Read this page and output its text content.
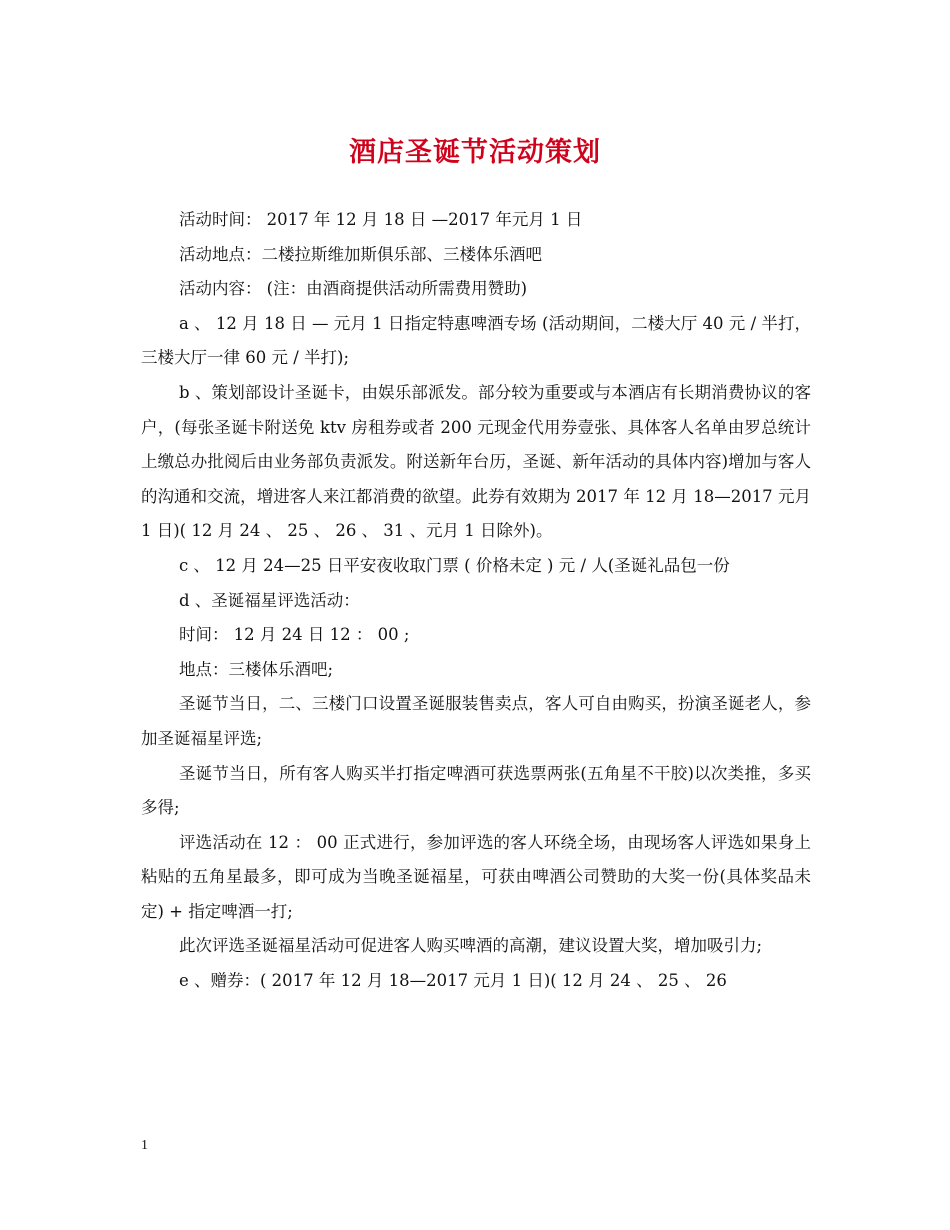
酒店圣诞节活动策划

活动时间： 2017 年 12 月 18 日 —2017 年元月 1 日

活动地点：二楼拉斯维加斯俱乐部、三楼体乐酒吧

活动内容： (注：由酒商提供活动所需费用赞助)

a 、 12 月 18 日 — 元月 1 日指定特惠啤酒专场 (活动期间，二楼大厅 40 元 / 半打，三楼大厅一律 60 元 / 半打);

b 、策划部设计圣诞卡，由娱乐部派发。部分较为重要或与本酒店有长期消费协议的客户，(每张圣诞卡附送免 ktv 房租券或者 200 元现金代用券壹张、具体客人名单由罗总统计上缴总办批阅后由业务部负责派发。附送新年台历，圣诞、新年活动的具体内容)增加与客人的沟通和交流，增进客人来江都消费的欲望。此券有效期为 2017 年 12 月 18—2017 元月 1 日)( 12 月 24 、 25 、 26 、 31 、元月 1 日除外)。

c 、 12 月 24—25 日平安夜收取门票 ( 价格未定 ) 元 / 人(圣诞礼品包一份

d 、圣诞福星评选活动：

时间： 12 月 24 日 12 ： 00 ;

地点：三楼体乐酒吧;

圣诞节当日，二、三楼门口设置圣诞服装售卖点，客人可自由购买，扮演圣诞老人，参加圣诞福星评选;

圣诞节当日，所有客人购买半打指定啤酒可获选票两张(五角星不干胶)以次类推，多买多得;

评选活动在 12 ： 00 正式进行，参加评选的客人环绕全场，由现场客人评选如果身上粘贴的五角星最多，即可成为当晚圣诞福星，可获由啤酒公司赞助的大奖一份(具体奖品未定) + 指定啤酒一打;

此次评选圣诞福星活动可促进客人购买啤酒的高潮，建议设置大奖，增加吸引力;

e 、赠券：( 2017 年 12 月 18—2017 元月 1 日)( 12 月 24 、 25 、 26

1
